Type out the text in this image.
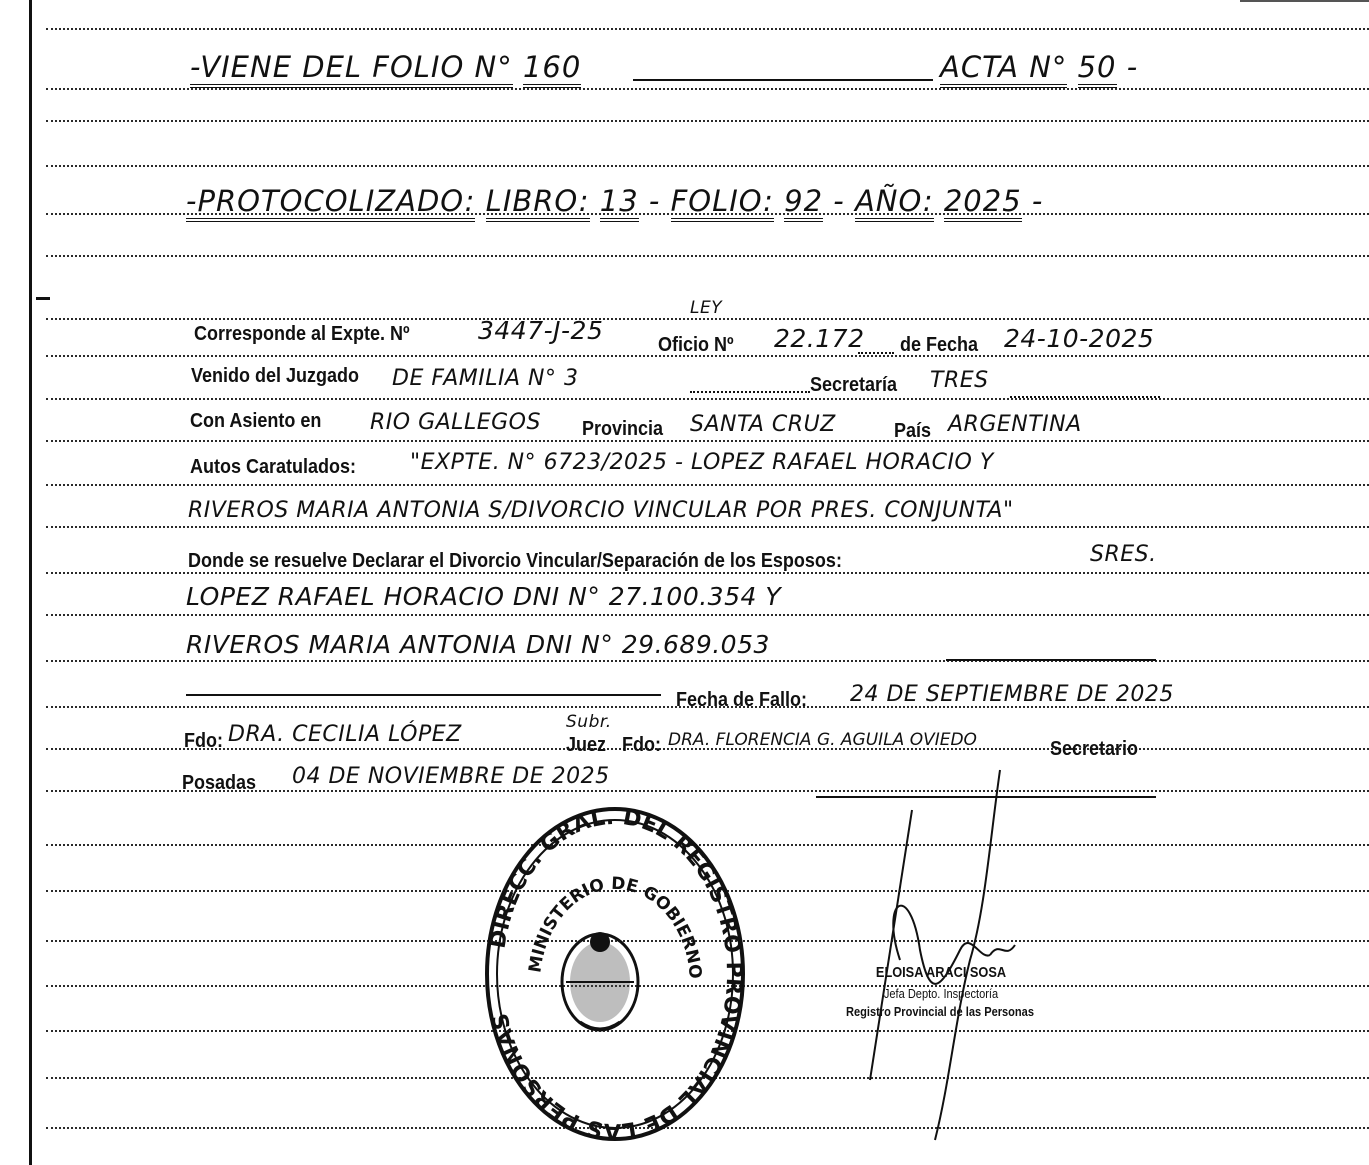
-VIENE DEL FOLIO N° 160	ACTA N° 50 -
-PROTOCOLIZADO: LIBRO: 13 - FOLIO: 92 - AÑO: 2025 -
Corresponde al Expte. Nº	3447-J-25
LEY
Oficio Nº 22.172 de Fecha 24-10-2025
Venido del Juzgado DE FAMILIA N° 3	Secretaría TRES
Con Asiento en RIO GALLEGOS Provincia SANTA CRUZ	País ARGENTINA
Autos Caratulados: "EXPTE. N° 6723/2025 - LOPEZ RAFAEL HORACIO Y
RIVEROS MARIA ANTONIA S/DIVORCIO VINCULAR POR PRES. CONJUNTA"
Donde se resuelve Declarar el Divorcio Vincular/Separación de los Esposos:	SRES.
LOPEZ RAFAEL HORACIO DNI N° 27.100.354 Y
RIVEROS MARIA ANTONIA DNI N° 29.689.053
Fecha de Fallo: 24 DE SEPTIEMBRE DE 2025
Fdo: DRA. CECILIA LÓPEZ	Subr.
Juez Fdo: DRA. FLORENCIA G. AGUILA OVIEDO	Secretario
Posadas 04 DE NOVIEMBRE DE 2025
DIRECC. GRAL. DEL REGISTRO PROVINCIAL DE LAS PERSONAS
MINISTERIO DE GOBIERNO	ELOISA ARACI SOSA
Jefa Depto. Inspectoría
Registro Provincial de las Personas
